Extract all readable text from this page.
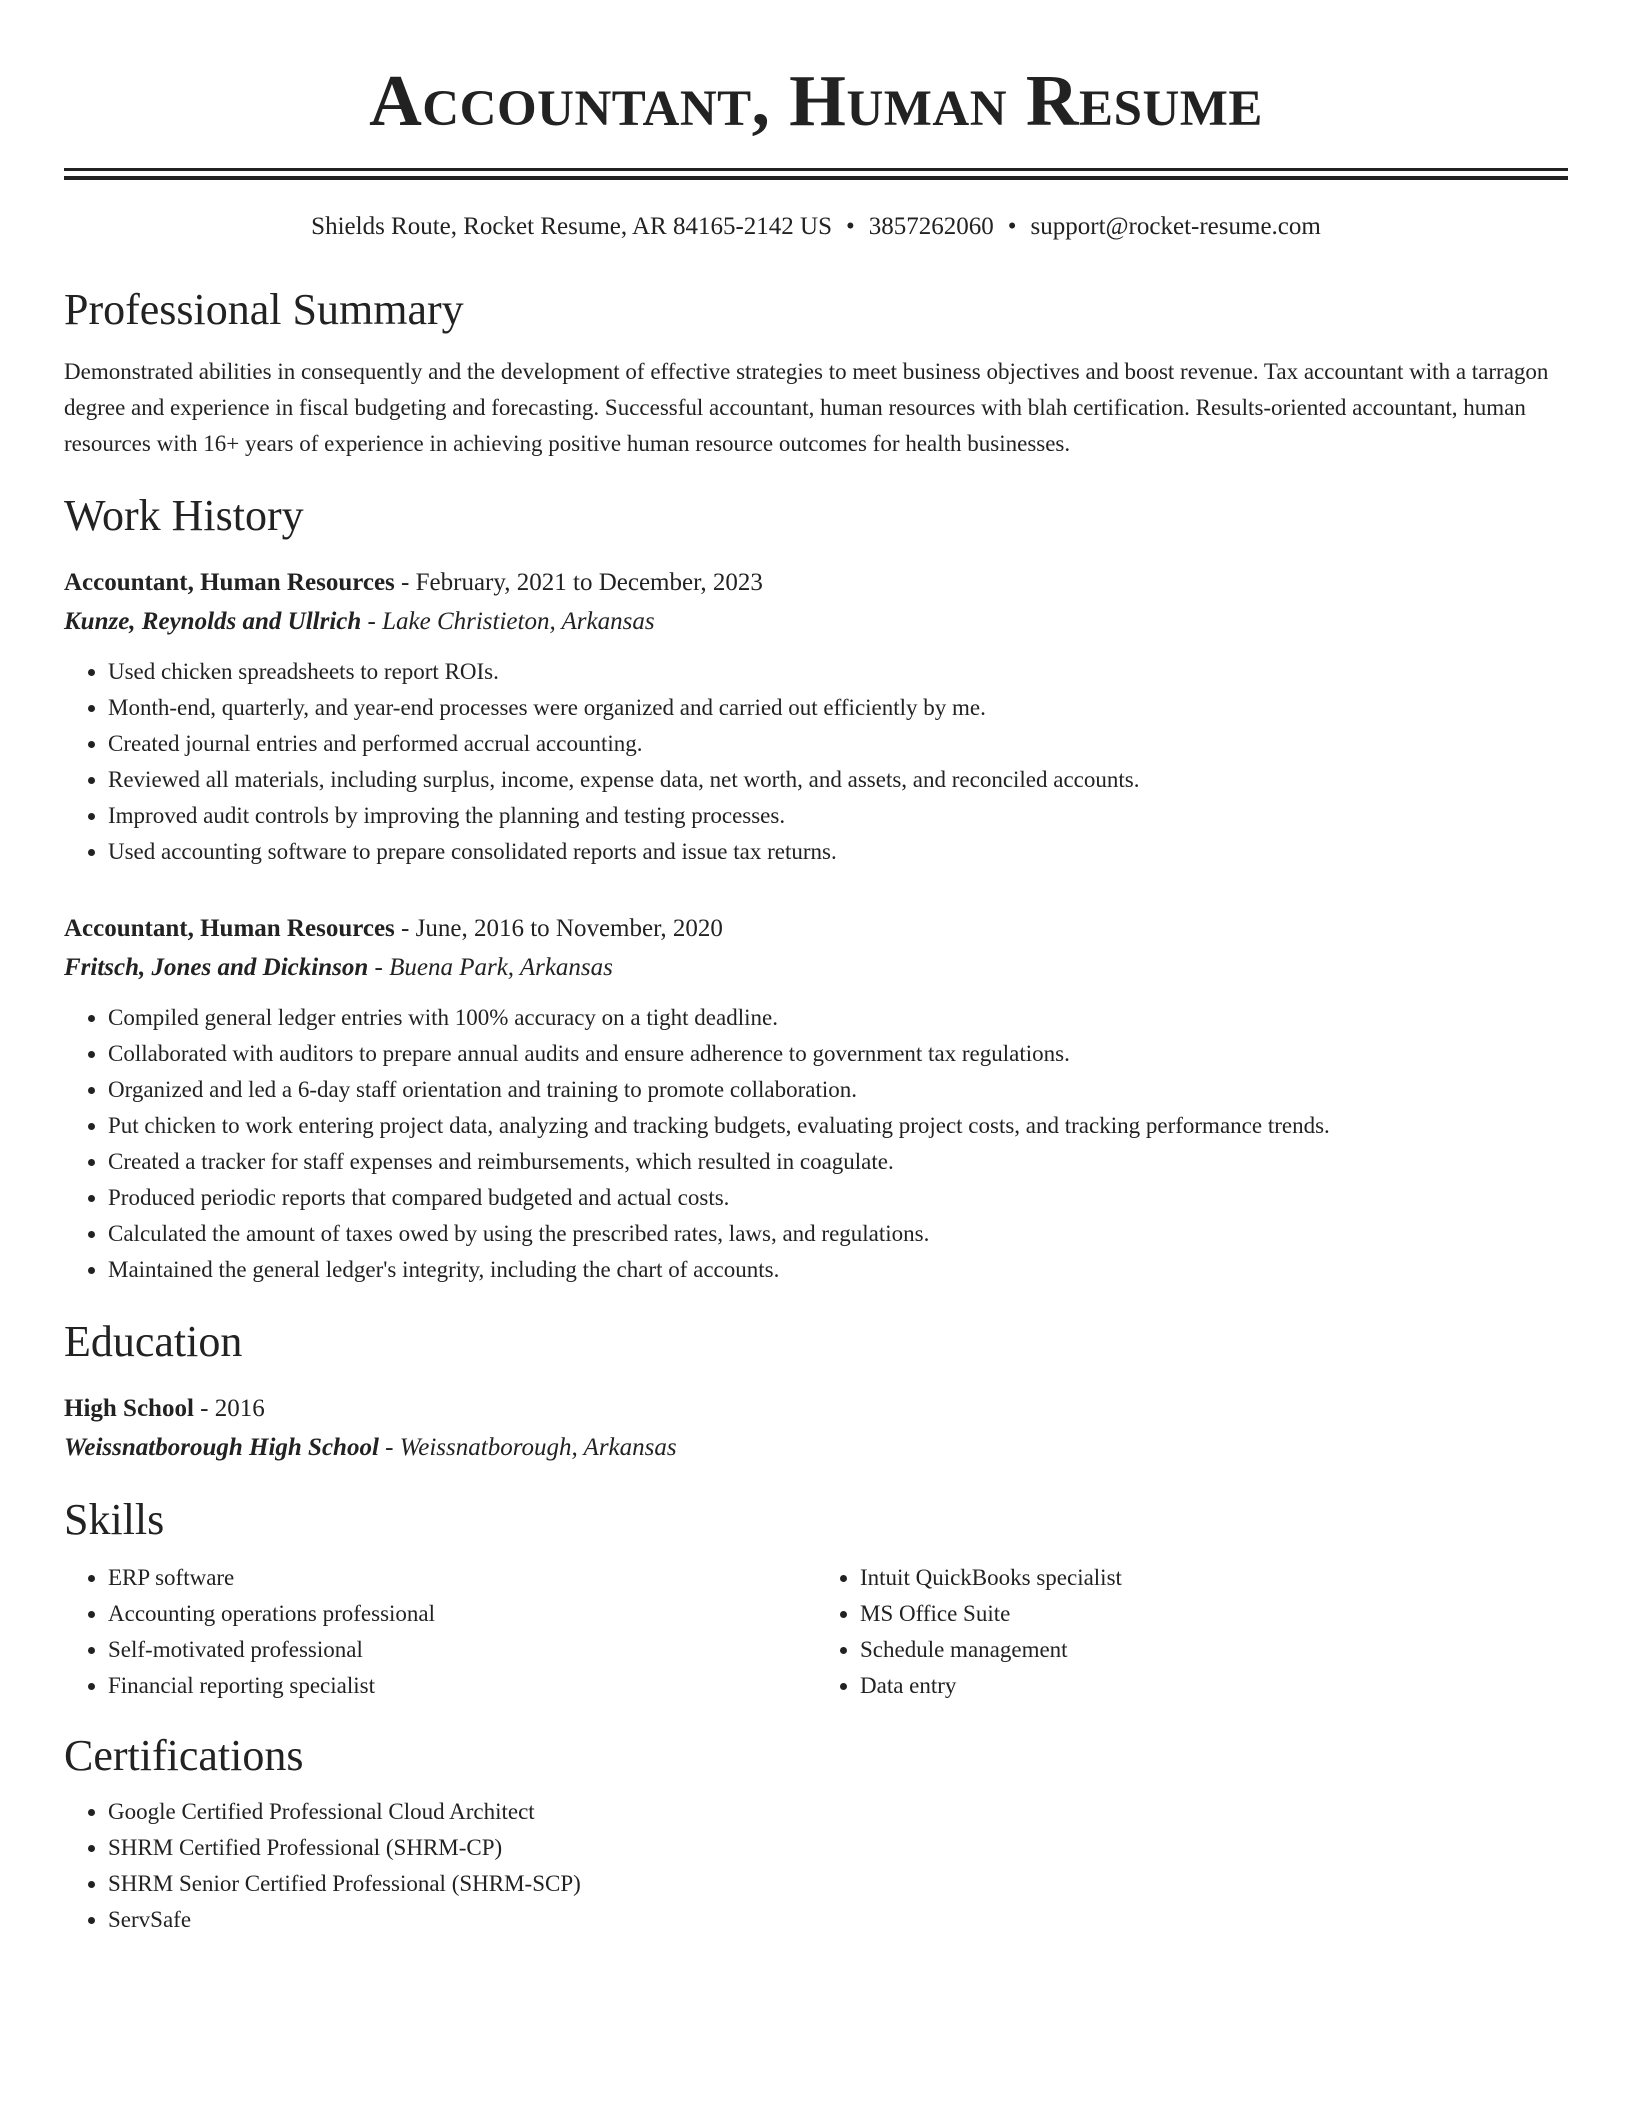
Accountant, Human Resume
Shields Route, Rocket Resume, AR 84165-2142 US • 3857262060 • support@rocket-resume.com
Professional Summary

Demonstrated abilities in consequently and the development of effective strategies to meet business objectives and boost revenue. Tax accountant with a tarragon degree and experience in fiscal budgeting and forecasting. Successful accountant, human resources with blah certification. Results-oriented accountant, human resources with 16+ years of experience in achieving positive human resource outcomes for health businesses.

Work History
Accountant, Human Resources - February, 2021 to December, 2023
Kunze, Reynolds and Ullrich - Lake Christieton, Arkansas
• Used chicken spreadsheets to report ROIs.
• Month-end, quarterly, and year-end processes were organized and carried out efficiently by me.
• Created journal entries and performed accrual accounting.
• Reviewed all materials, including surplus, income, expense data, net worth, and assets, and reconciled accounts.
• Improved audit controls by improving the planning and testing processes.
• Used accounting software to prepare consolidated reports and issue tax returns.
Accountant, Human Resources - June, 2016 to November, 2020
Fritsch, Jones and Dickinson - Buena Park, Arkansas
• Compiled general ledger entries with 100% accuracy on a tight deadline.
• Collaborated with auditors to prepare annual audits and ensure adherence to government tax regulations.
• Organized and led a 6-day staff orientation and training to promote collaboration.
• Put chicken to work entering project data, analyzing and tracking budgets, evaluating project costs, and tracking performance trends.
• Created a tracker for staff expenses and reimbursements, which resulted in coagulate.
• Produced periodic reports that compared budgeted and actual costs.
• Calculated the amount of taxes owed by using the prescribed rates, laws, and regulations.
• Maintained the general ledger's integrity, including the chart of accounts.
Education
High School - 2016
Weissnatborough High School - Weissnatborough, Arkansas
Skills
• ERP software
• Accounting operations professional
• Self-motivated professional
• Financial reporting specialist
• Intuit QuickBooks specialist
• MS Office Suite
• Schedule management
• Data entry
Certifications
• Google Certified Professional Cloud Architect
• SHRM Certified Professional (SHRM-CP)
• SHRM Senior Certified Professional (SHRM-SCP)
• ServSafe
